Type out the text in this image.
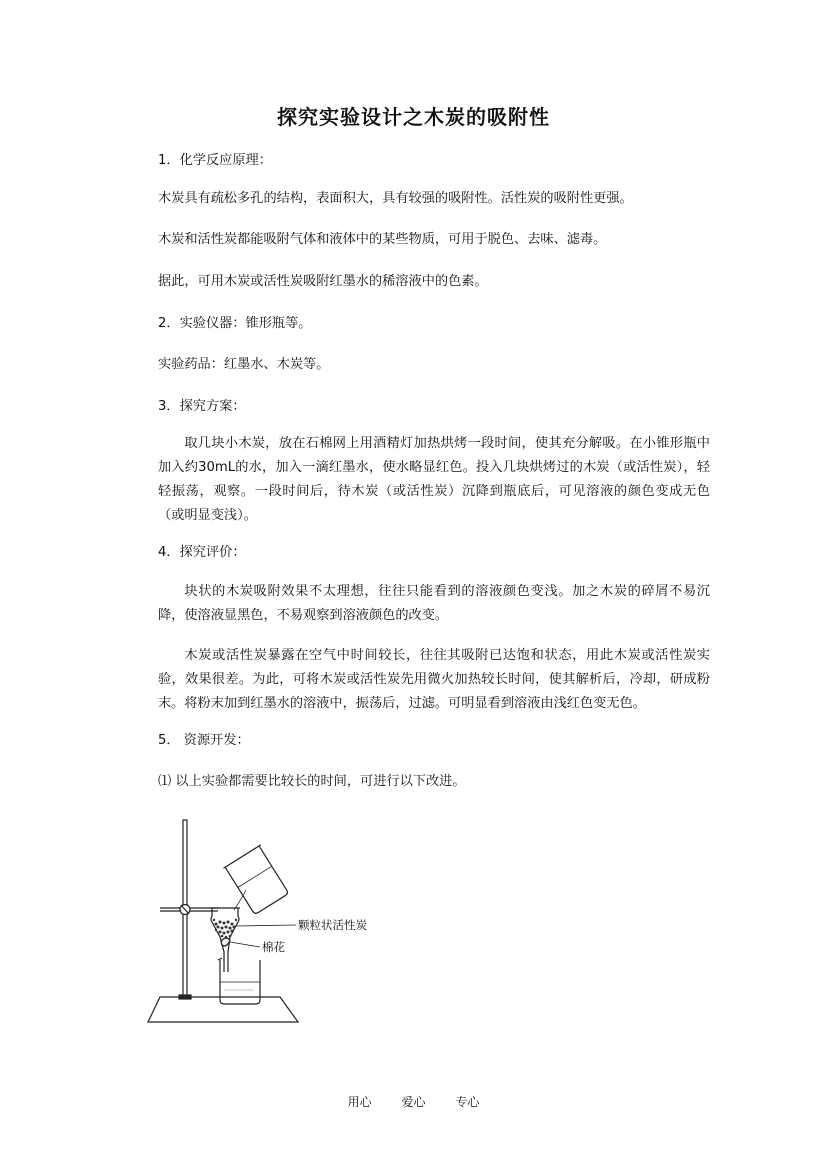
探究实验设计之木炭的吸附性
1．化学反应原理：
木炭具有疏松多孔的结构，表面积大，具有较强的吸附性。活性炭的吸附性更强。
木炭和活性炭都能吸附气体和液体中的某些物质，可用于脱色、去味、滤毒。
据此，可用木炭或活性炭吸附红墨水的稀溶液中的色素。
2．实验仪器：锥形瓶等。
实验药品：红墨水、木炭等。
3．探究方案：
取几块小木炭，放在石棉网上用酒精灯加热烘烤一段时间，使其充分解吸。在小锥形瓶中加入约30mL的水，加入一滴红墨水，使水略显红色。投入几块烘烤过的木炭（或活性炭），轻轻振荡，观察。一段时间后，待木炭（或活性炭）沉降到瓶底后，可见溶液的颜色变成无色（或明显变浅）。
4．探究评价：
块状的木炭吸附效果不太理想，往往只能看到的溶液颜色变浅。加之木炭的碎屑不易沉降，使溶液显黑色，不易观察到溶液颜色的改变。
木炭或活性炭暴露在空气中时间较长，往往其吸附已达饱和状态，用此木炭或活性炭实验，效果很差。为此，可将木炭或活性炭先用微火加热较长时间，使其解析后，冷却，研成粉末。将粉末加到红墨水的溶液中，振荡后，过滤。可明显看到溶液由浅红色变无色。
5． 资源开发：
⑴ 以上实验都需要比较长的时间，可进行以下改进。
颗粒状活性炭
棉花
用心 爱心 专心
